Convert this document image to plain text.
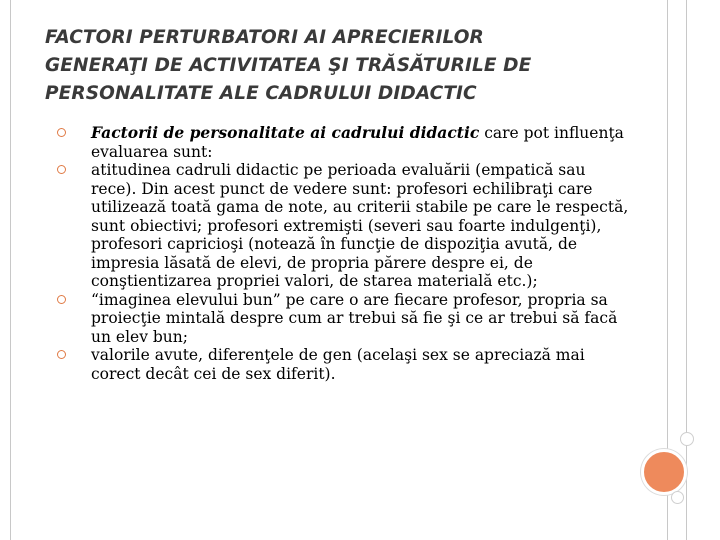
FACTORI PERTURBATORI AI APRECIERILOR
GENERAŢI DE ACTIVITATEA ŞI TRĂSĂTURILE DE
PERSONALITATE ALE CADRULUI DIDACTIC
Factorii de personalitate ai cadrului didactic care pot influenţa evaluarea sunt:
atitudinea cadruli didactic pe perioada evaluării (empatică sau rece). Din acest punct de vedere sunt: profesori echilibraţi care utilizează toată gama de note, au criterii stabile pe care le respectă, sunt obiectivi; profesori extremişti (severi sau foarte indulgenţi), profesori capricioşi (notează în funcţie de dispoziţia avută, de impresia lăsată de elevi, de propria părere despre ei, de conştientizarea propriei valori, de starea materială etc.);
“imaginea elevului bun” pe care o are fiecare profesor, propria sa proiecţie mintală despre cum ar trebui să fie şi ce ar trebui să facă un elev bun;
valorile avute, diferenţele de gen (acelaşi sex se apreciază mai corect decât cei de sex diferit).
